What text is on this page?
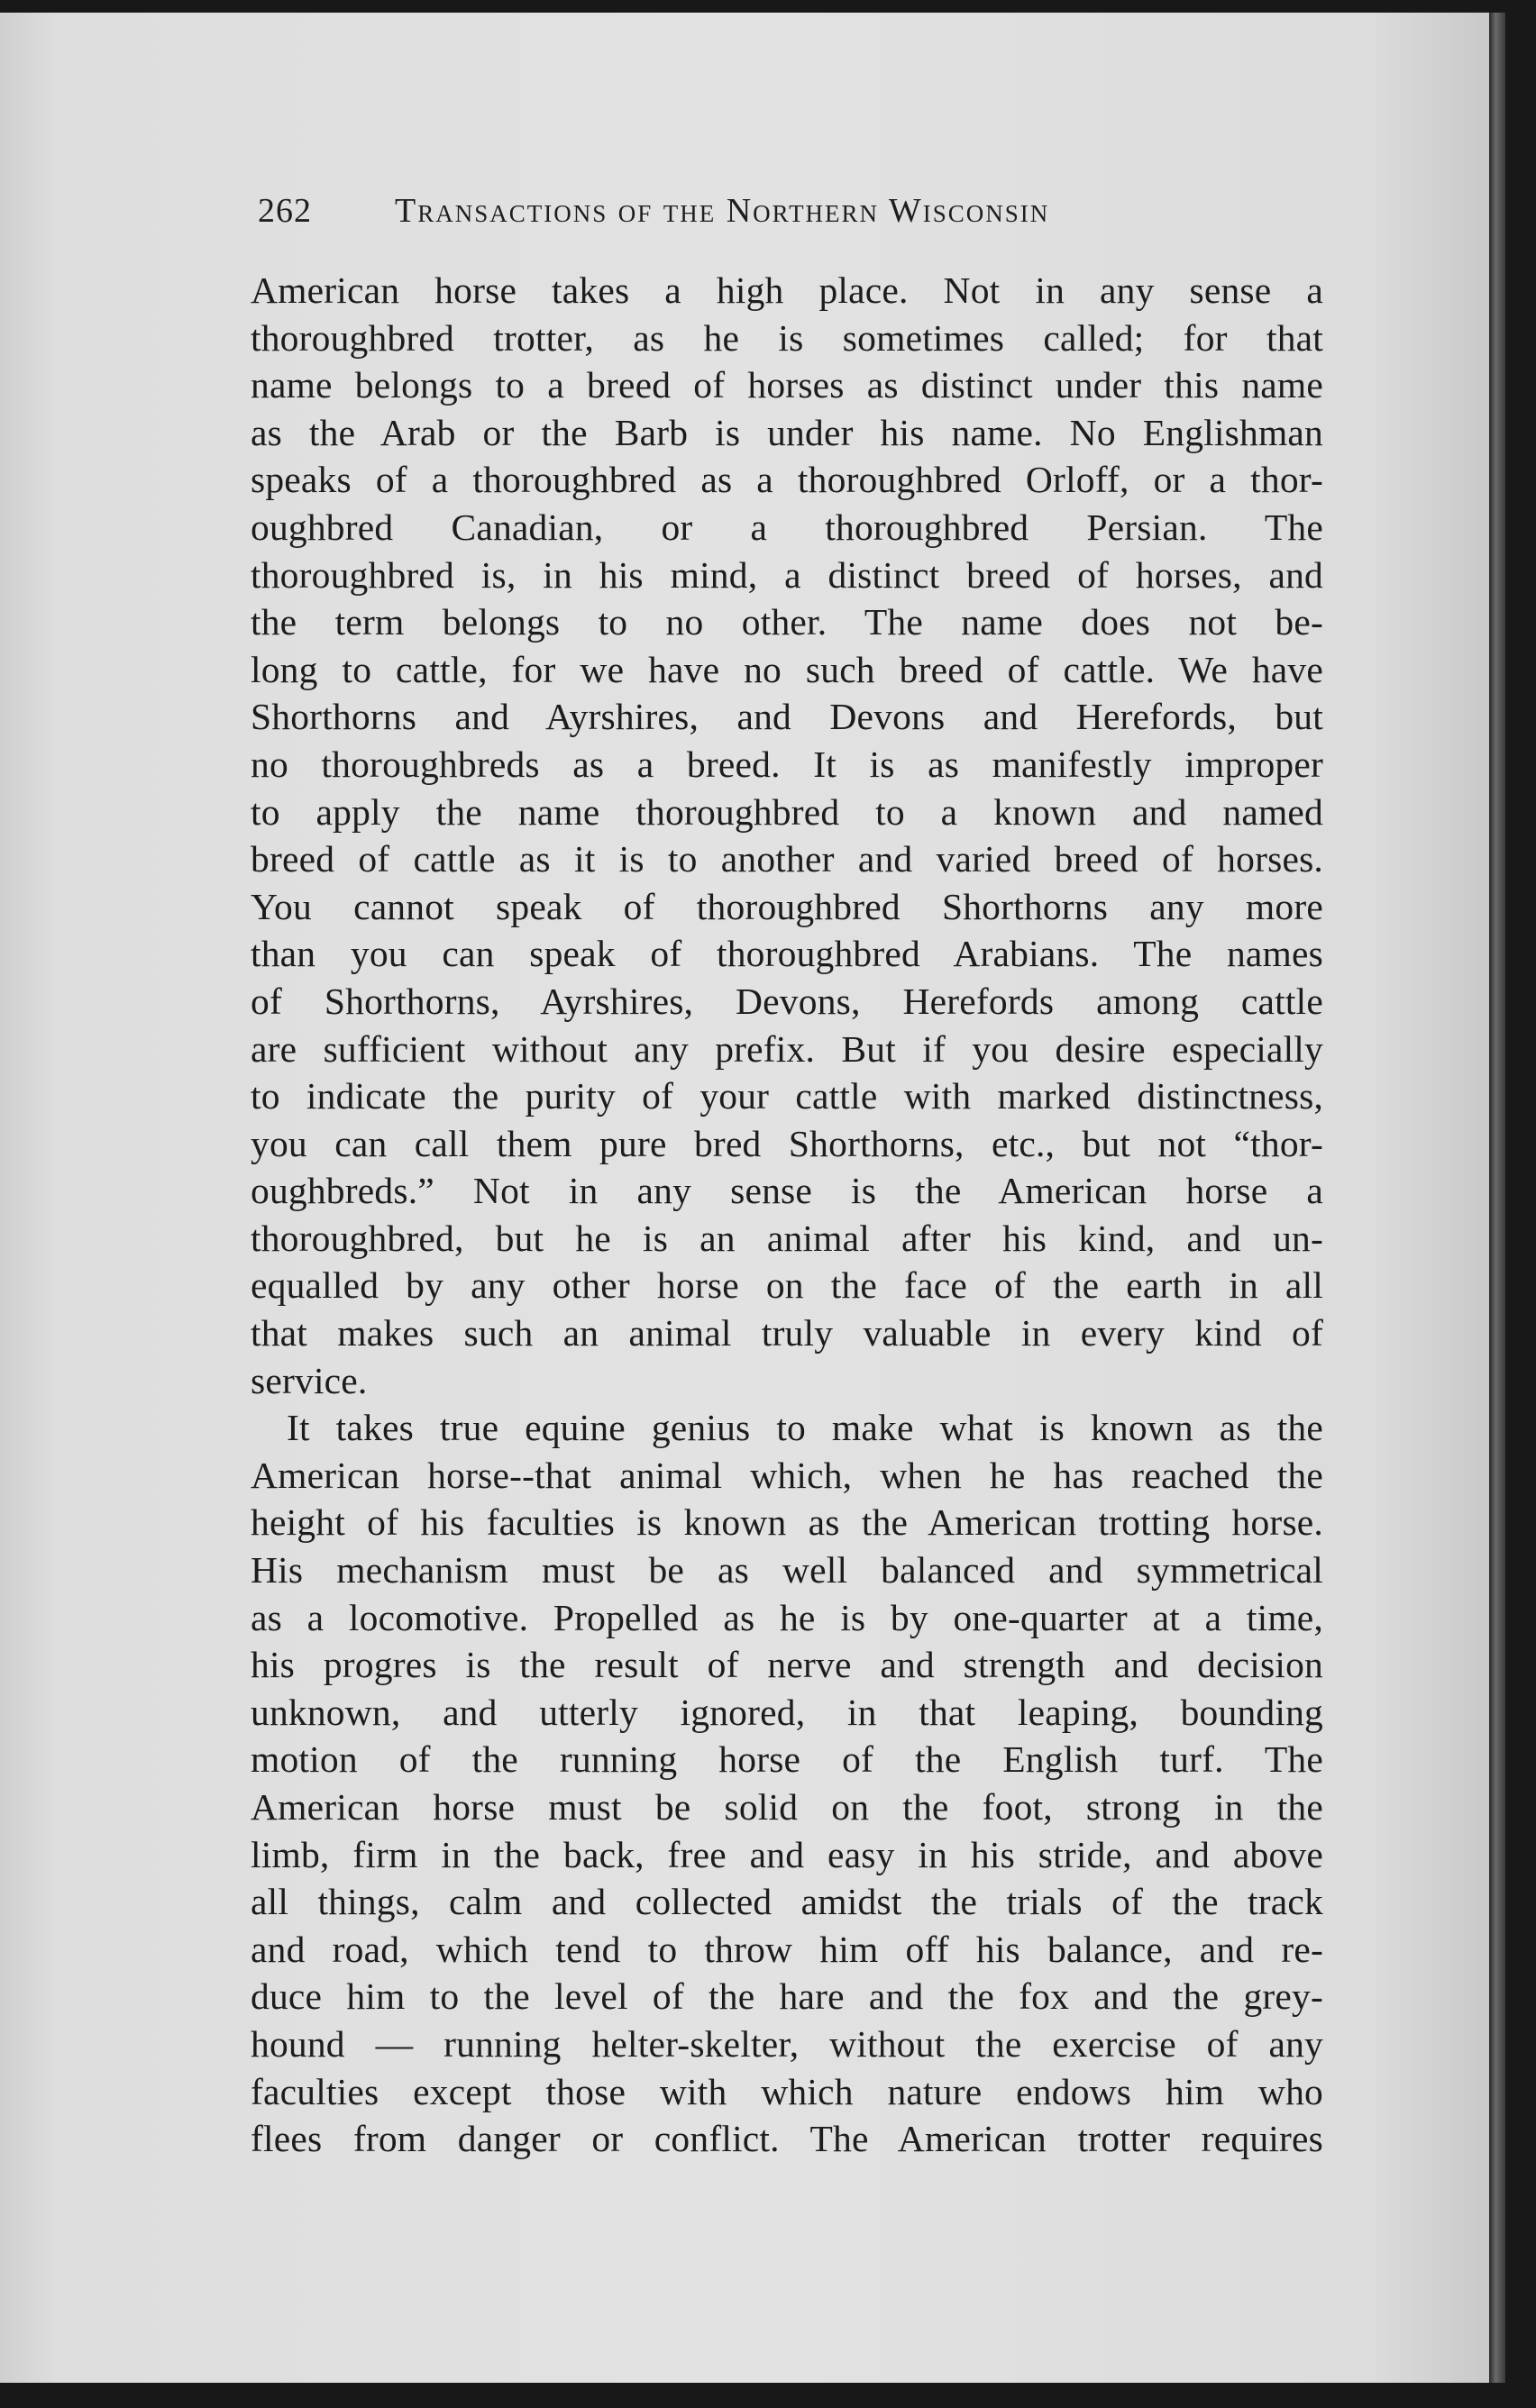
262 Transactions of the Northern Wisconsin
American horse takes a high place. Not in any sense a
thoroughbred trotter, as he is sometimes called; for that
name belongs to a breed of horses as distinct under this name
as the Arab or the Barb is under his name. No Englishman
speaks of a thoroughbred as a thoroughbred Orloff, or a thor-
oughbred Canadian, or a thoroughbred Persian. The
thoroughbred is, in his mind, a distinct breed of horses, and
the term belongs to no other. The name does not be-
long to cattle, for we have no such breed of cattle. We have
Shorthorns and Ayrshires, and Devons and Herefords, but
no thoroughbreds as a breed. It is as manifestly improper
to apply the name thoroughbred to a known and named
breed of cattle as it is to another and varied breed of horses.
You cannot speak of thoroughbred Shorthorns any more
than you can speak of thoroughbred Arabians. The names
of Shorthorns, Ayrshires, Devons, Herefords among cattle
are sufficient without any prefix. But if you desire especially
to indicate the purity of your cattle with marked distinctness,
you can call them pure bred Shorthorns, etc., but not “thor-
oughbreds.” Not in any sense is the American horse a
thoroughbred, but he is an animal after his kind, and un-
equalled by any other horse on the face of the earth in all
that makes such an animal truly valuable in every kind of
service.
It takes true equine genius to make what is known as the
American horse--that animal which, when he has reached the
height of his faculties is known as the American trotting horse.
His mechanism must be as well balanced and symmetrical
as a locomotive. Propelled as he is by one-quarter at a time,
his progres is the result of nerve and strength and decision
unknown, and utterly ignored, in that leaping, bounding
motion of the running horse of the English turf. The
American horse must be solid on the foot, strong in the
limb, firm in the back, free and easy in his stride, and above
all things, calm and collected amidst the trials of the track
and road, which tend to throw him off his balance, and re-
duce him to the level of the hare and the fox and the grey-
hound — running helter-skelter, without the exercise of any
faculties except those with which nature endows him who
flees from danger or conflict. The American trotter requires
